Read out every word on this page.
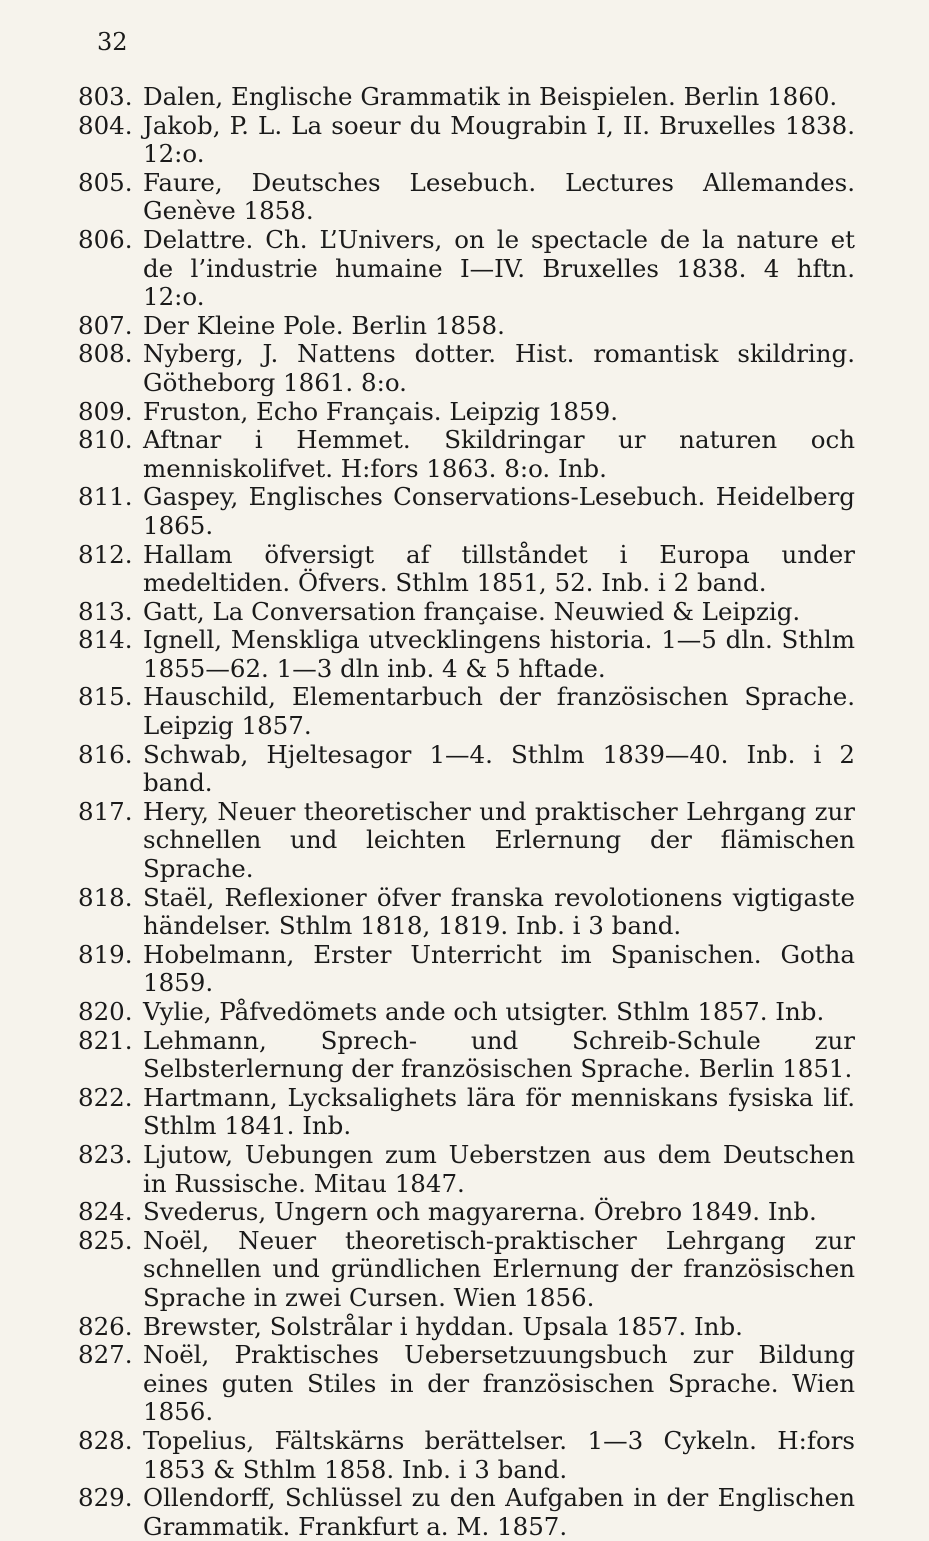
32
803. Dalen, Englische Grammatik in Beispielen. Berlin 1860.
804. Jakob, P. L. La soeur du Mougrabin I, II. Bruxelles 1838. 12:o.
805. Faure, Deutsches Lesebuch. Lectures Allemandes. Genève 1858.
806. Delattre. Ch. L’Univers, on le spectacle de la nature et de l’industrie humaine I—IV. Bruxelles 1838. 4 hftn. 12:o.
807. Der Kleine Pole. Berlin 1858.
808. Nyberg, J. Nattens dotter. Hist. romantisk skildring. Götheborg 1861. 8:o.
809. Fruston, Echo Français. Leipzig 1859.
810. Aftnar i Hemmet. Skildringar ur naturen och menniskolifvet. H:fors 1863. 8:o. Inb.
811. Gaspey, Englisches Conservations-Lesebuch. Heidelberg 1865.
812. Hallam öfversigt af tillståndet i Europa under medeltiden. Öfvers. Sthlm 1851, 52. Inb. i 2 band.
813. Gatt, La Conversation française. Neuwied & Leipzig.
814. Ignell, Menskliga utvecklingens historia. 1—5 dln. Sthlm 1855—62. 1—3 dln inb. 4 & 5 hftade.
815. Hauschild, Elementarbuch der französischen Sprache. Leipzig 1857.
816. Schwab, Hjeltesagor 1—4. Sthlm 1839—40. Inb. i 2 band.
817. Hery, Neuer theoretischer und praktischer Lehrgang zur schnellen und leichten Erlernung der flämischen Sprache.
818. Staël, Reflexioner öfver franska revolotionens vigtigaste händelser. Sthlm 1818, 1819. Inb. i 3 band.
819. Hobelmann, Erster Unterricht im Spanischen. Gotha 1859.
820. Vylie, Påfvedömets ande och utsigter. Sthlm 1857. Inb.
821. Lehmann, Sprech- und Schreib-Schule zur Selbsterlernung der französischen Sprache. Berlin 1851.
822. Hartmann, Lycksalighets lära för menniskans fysiska lif. Sthlm 1841. Inb.
823. Ljutow, Uebungen zum Ueberstzen aus dem Deutschen in Russische. Mitau 1847.
824. Svederus, Ungern och magyarerna. Örebro 1849. Inb.
825. Noël, Neuer theoretisch-praktischer Lehrgang zur schnellen und gründlichen Erlernung der französischen Sprache in zwei Cursen. Wien 1856.
826. Brewster, Solstrålar i hyddan. Upsala 1857. Inb.
827. Noël, Praktisches Uebersetzuungsbuch zur Bildung eines guten Stiles in der französischen Sprache. Wien 1856.
828. Topelius, Fältskärns berättelser. 1—3 Cykeln. H:fors 1853 & Sthlm 1858. Inb. i 3 band.
829. Ollendorff, Schlüssel zu den Aufgaben in der Englischen Grammatik. Frankfurt a. M. 1857.
